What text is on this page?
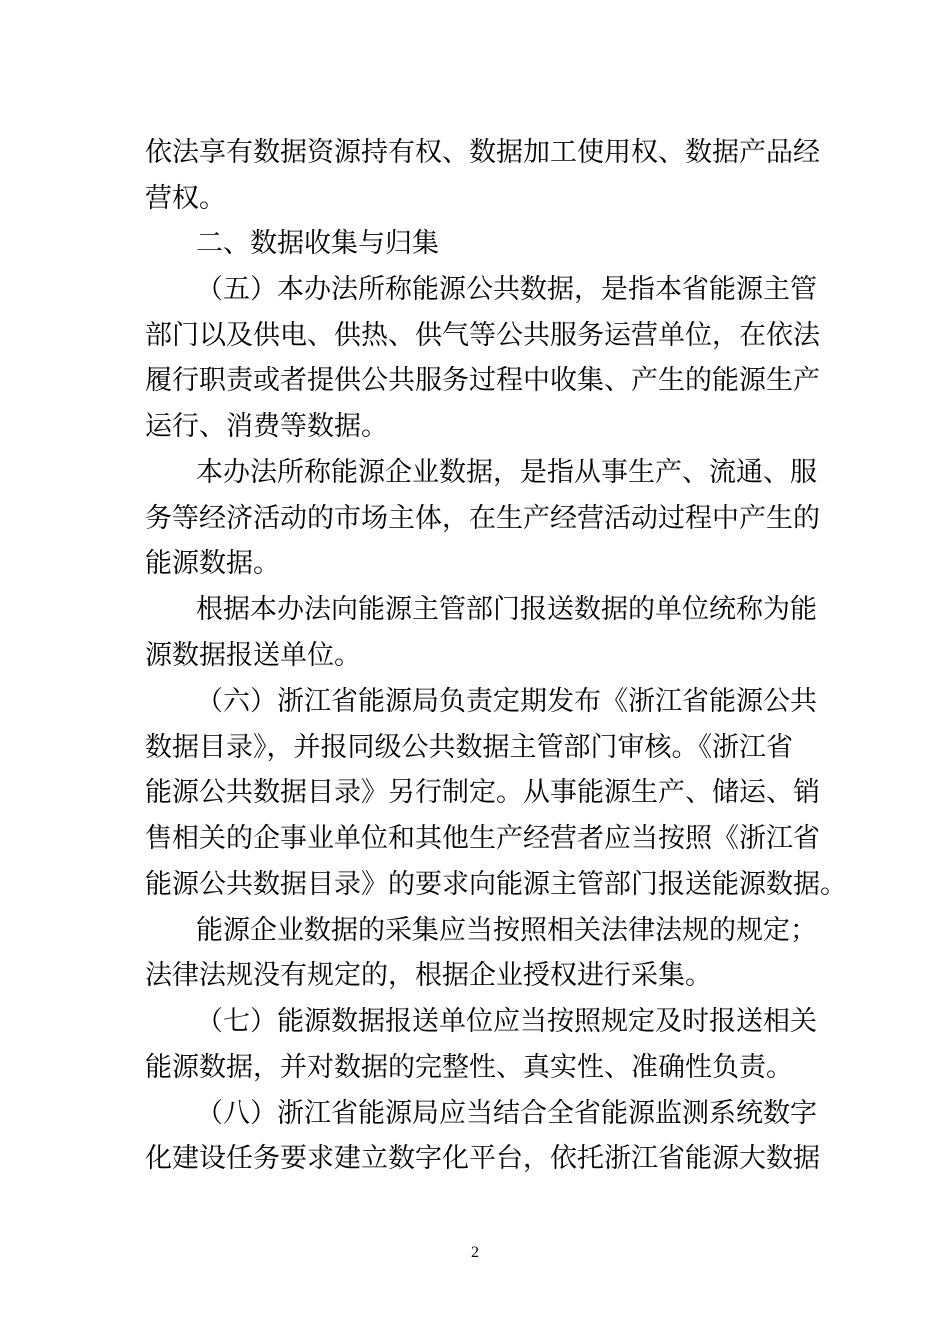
依法享有数据资源持有权、数据加工使用权、数据产品经
营权。
二、数据收集与归集
（五）本办法所称能源公共数据，是指本省能源主管
部门以及供电、供热、供气等公共服务运营单位，在依法
履行职责或者提供公共服务过程中收集、产生的能源生产
运行、消费等数据。
本办法所称能源企业数据，是指从事生产、流通、服
务等经济活动的市场主体，在生产经营活动过程中产生的
能源数据。
根据本办法向能源主管部门报送数据的单位统称为能
源数据报送单位。
（六）浙江省能源局负责定期发布《浙江省能源公共
数据目录》，并报同级公共数据主管部门审核。《浙江省
能源公共数据目录》另行制定。从事能源生产、储运、销
售相关的企事业单位和其他生产经营者应当按照《浙江省
能源公共数据目录》的要求向能源主管部门报送能源数据。
能源企业数据的采集应当按照相关法律法规的规定；
法律法规没有规定的，根据企业授权进行采集。
（七）能源数据报送单位应当按照规定及时报送相关
能源数据，并对数据的完整性、真实性、准确性负责。
（八）浙江省能源局应当结合全省能源监测系统数字
化建设任务要求建立数字化平台，依托浙江省能源大数据
2
